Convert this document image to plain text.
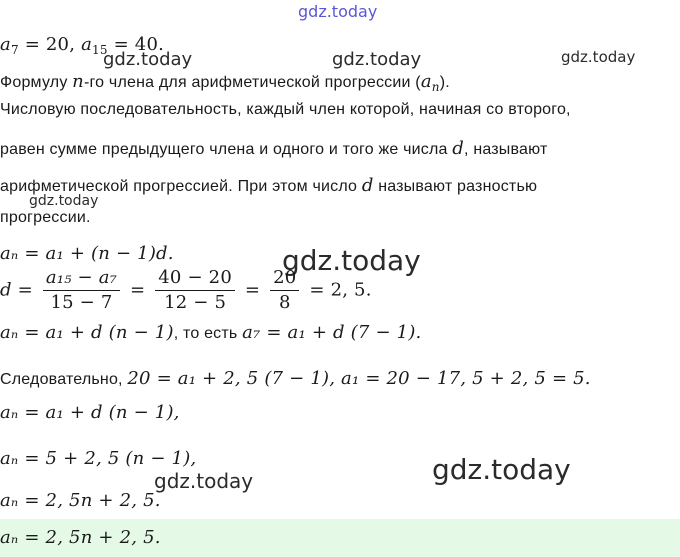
gdz.today
gdz.today	gdz.today	gdz.today
gdz.today
gdz.today
gdz.today
gdz.today
$a_7 = 20$, $a_{15} = 40$.
Формулу n-го члена для арифметической прогрессии $(a_n)$.
Числовую последовательность, каждый член которой, начиная со второго,
равен сумме предыдущего члена и одного и того же числа d, называют
арифметической прогрессией. При этом число d называют разностью
прогрессии.
aₙ = a₁ + (n − 1)d.
$d = \frac{\text{a₁₅ − a₇}}{15 - 7} = \frac{40 - 20}{12 - 5} = \frac{20}{8} = 2$, 5.
aₙ = a₁ + d (n − 1), то есть a₇ = a₁ + d (7 − 1).
Следовательно, 20 = a₁ + 2, 5 (7 − 1), a₁ = 20 − 17, 5 + 2, 5 = 5.
aₙ = a₁ + d (n − 1),
aₙ = 5 + 2, 5 (n − 1),
aₙ = 2, 5n + 2, 5.
aₙ = 2, 5n + 2, 5.
